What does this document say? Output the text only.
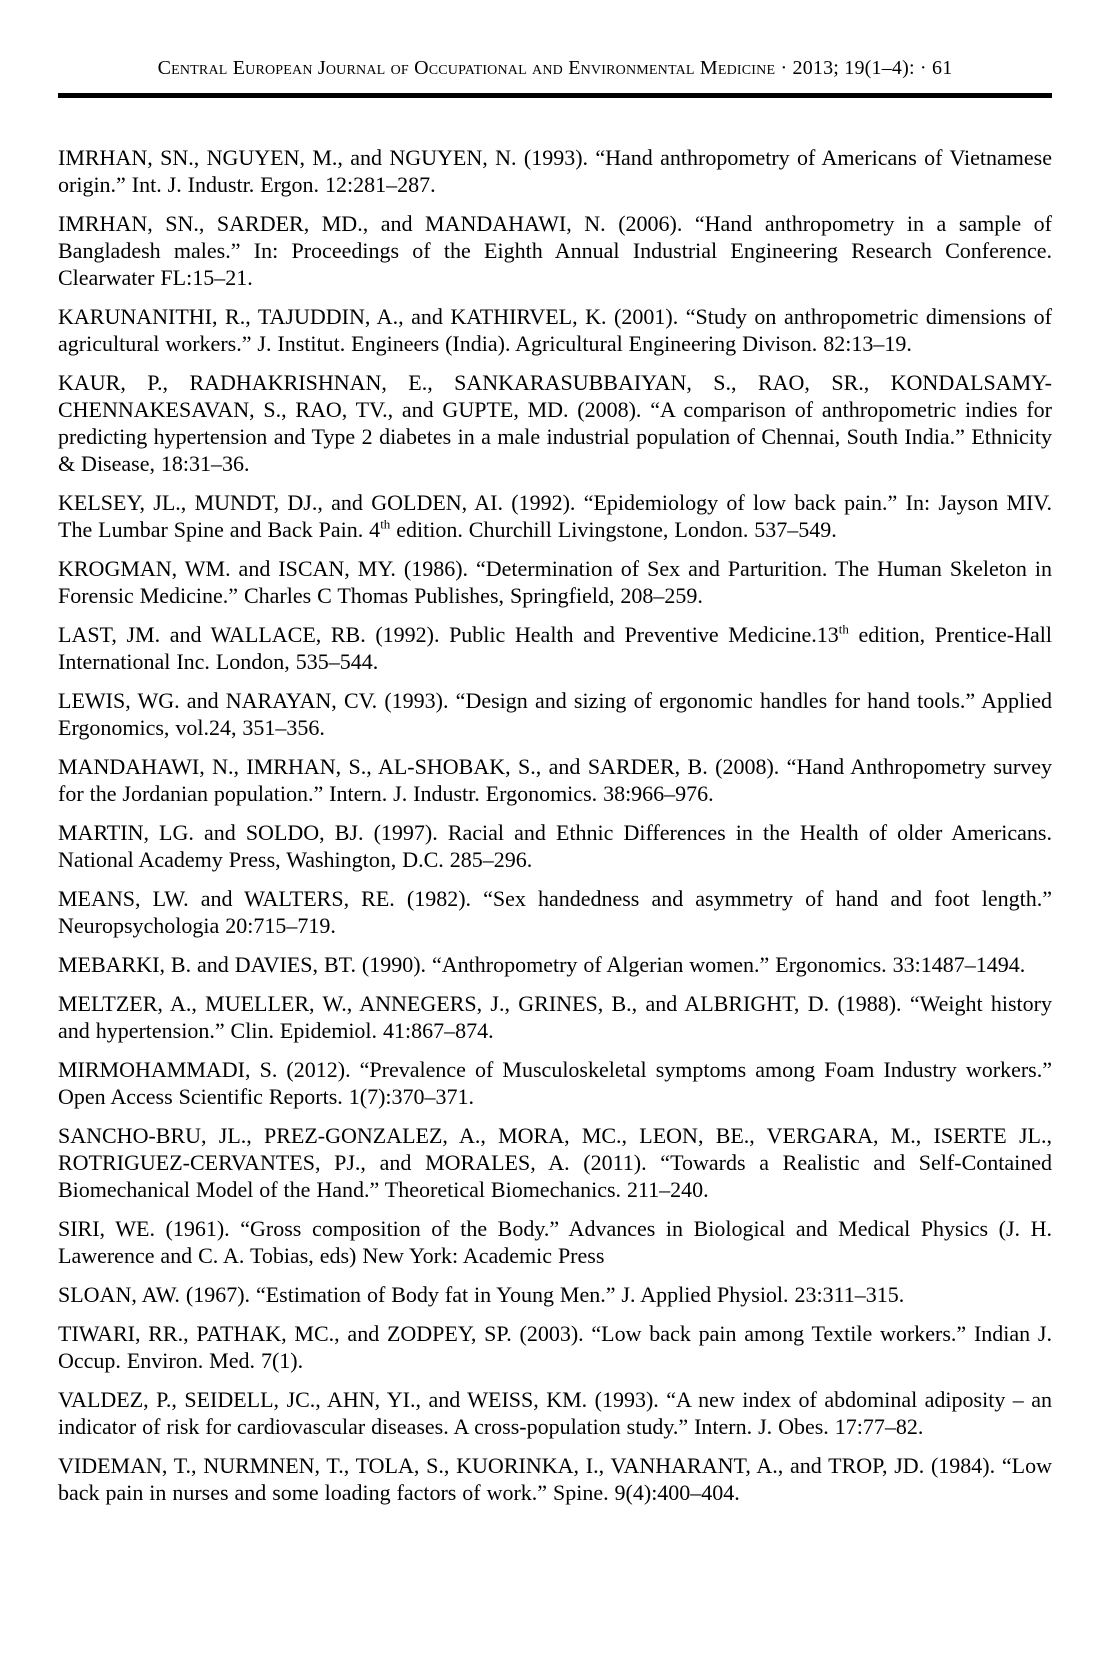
Central European Journal of Occupational and Environmental Medicine · 2013; 19(1–4): · 61

IMRHAN, SN., NGUYEN, M., and NGUYEN, N. (1993). “Hand anthropometry of Americans of Vietnamese origin.” Int. J. Industr. Ergon. 12:281–287.

IMRHAN, SN., SARDER, MD., and MANDAHAWI, N. (2006). “Hand anthropometry in a sample of Bangladesh males.” In: Proceedings of the Eighth Annual Industrial Engineering Research Conference. Clearwater FL:15–21.

KARUNANITHI, R., TAJUDDIN, A., and KATHIRVEL, K. (2001). “Study on anthropometric dimensions of agricultural workers.” J. Institut. Engineers (India). Agricultural Engineering Divison. 82:13–19.

KAUR, P., RADHAKRISHNAN, E., SANKARASUBBAIYAN, S., RAO, SR., KONDALSAMY-CHENNAKESAVAN, S., RAO, TV., and GUPTE, MD. (2008). “A comparison of anthropometric indies for predicting hypertension and Type 2 diabetes in a male industrial population of Chennai, South India.” Ethnicity & Disease, 18:31–36.

KELSEY, JL., MUNDT, DJ., and GOLDEN, AI. (1992). “Epidemiology of low back pain.” In: Jayson MIV. The Lumbar Spine and Back Pain. 4th edition. Churchill Livingstone, London. 537–549.

KROGMAN, WM. and ISCAN, MY. (1986). “Determination of Sex and Parturition. The Human Skeleton in Forensic Medicine.” Charles C Thomas Publishes, Springfield, 208–259.

LAST, JM. and WALLACE, RB. (1992). Public Health and Preventive Medicine.13th edition, Prentice-Hall International Inc. London, 535–544.

LEWIS, WG. and NARAYAN, CV. (1993). “Design and sizing of ergonomic handles for hand tools.” Applied Ergonomics, vol.24, 351–356.

MANDAHAWI, N., IMRHAN, S., AL-SHOBAK, S., and SARDER, B. (2008). “Hand Anthropometry survey for the Jordanian population.” Intern. J. Industr. Ergonomics. 38:966–976.

MARTIN, LG. and SOLDO, BJ. (1997). Racial and Ethnic Differences in the Health of older Americans. National Academy Press, Washington, D.C. 285–296.

MEANS, LW. and WALTERS, RE. (1982). “Sex handedness and asymmetry of hand and foot length.” Neuropsychologia 20:715–719.

MEBARKI, B. and DAVIES, BT. (1990). “Anthropometry of Algerian women.” Ergonomics. 33:1487–1494.

MELTZER, A., MUELLER, W., ANNEGERS, J., GRINES, B., and ALBRIGHT, D. (1988). “Weight history and hypertension.” Clin. Epidemiol. 41:867–874.

MIRMOHAMMADI, S. (2012). “Prevalence of Musculoskeletal symptoms among Foam Industry workers.” Open Access Scientific Reports. 1(7):370–371.

SANCHO-BRU, JL., PREZ-GONZALEZ, A., MORA, MC., LEON, BE., VERGARA, M., ISERTE JL., ROTRIGUEZ-CERVANTES, PJ., and MORALES, A. (2011). “Towards a Realistic and Self-Contained Biomechanical Model of the Hand.” Theoretical Biomechanics. 211–240.

SIRI, WE. (1961). “Gross composition of the Body.” Advances in Biological and Medical Physics (J. H. Lawerence and C. A. Tobias, eds) New York: Academic Press

SLOAN, AW. (1967). “Estimation of Body fat in Young Men.” J. Applied Physiol. 23:311–315.

TIWARI, RR., PATHAK, MC., and ZODPEY, SP. (2003). “Low back pain among Textile workers.” Indian J. Occup. Environ. Med. 7(1).

VALDEZ, P., SEIDELL, JC., AHN, YI., and WEISS, KM. (1993). “A new index of abdominal adiposity – an indicator of risk for cardiovascular diseases. A cross-population study.” Intern. J. Obes. 17:77–82.

VIDEMAN, T., NURMNEN, T., TOLA, S., KUORINKA, I., VANHARANT, A., and TROP, JD. (1984). “Low back pain in nurses and some loading factors of work.” Spine. 9(4):400–404.
